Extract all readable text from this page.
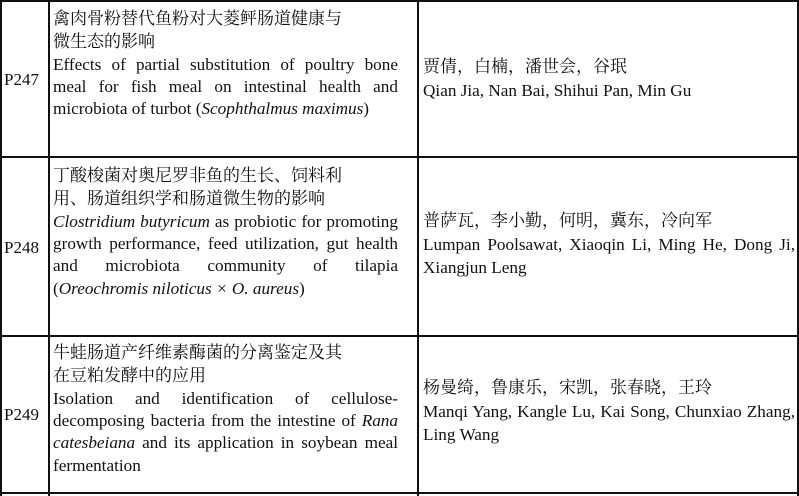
P247

禽肉骨粉替代鱼粉对大菱鲆肠道健康与

微生态的影响

Effects of partial substitution of poultry bone meal for fish meal on intestinal health and microbiota of turbot (Scophthalmus maximus)

贾倩，白楠，潘世会，谷珉

Qian Jia, Nan Bai, Shihui Pan, Min Gu

P248

丁酸梭菌对奥尼罗非鱼的生长、饲料利

用、肠道组织学和肠道微生物的影响

Clostridium butyricum as probiotic for promoting growth performance, feed utilization, gut health and microbiota community of tilapia (Oreochromis niloticus × O. aureus)

普萨瓦，李小勤，何明，冀东，冷向军

Lumpan Poolsawat, Xiaoqin Li, Ming He, Dong Ji, Xiangjun Leng

P249

牛蛙肠道产纤维素酶菌的分离鉴定及其

在豆粕发酵中的应用

Isolation and identification of cellulose-decomposing bacteria from the intestine of Rana catesbeiana and its application in soybean meal fermentation

杨曼绮，鲁康乐，宋凯，张春晓，王玲

Manqi Yang, Kangle Lu, Kai Song, Chunxiao Zhang, Ling Wang
